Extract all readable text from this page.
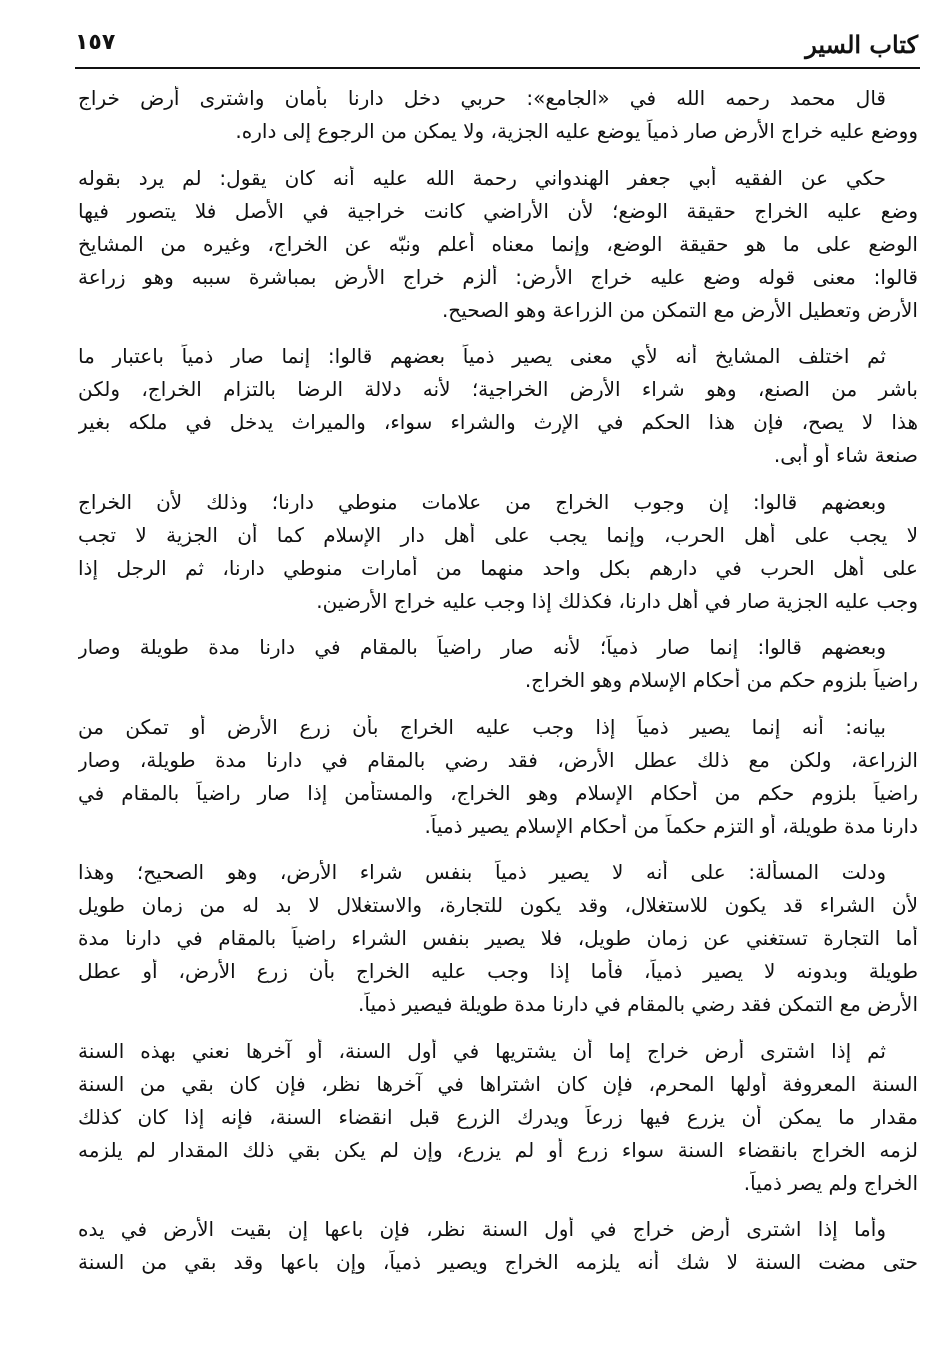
كتاب السير
١٥٧
قال محمد رحمه الله في «الجامع»: حربي دخل دارنا بأمان واشترى أرض خراج
ووضع عليه خراج الأرض صار ذمياً يوضع عليه الجزية، ولا يمكن من الرجوع إلى داره.
حكي عن الفقيه أبي جعفر الهندواني رحمة الله عليه أنه كان يقول: لم يرد بقوله
وضع عليه الخراج حقيقة الوضع؛ لأن الأراضي كانت خراجية في الأصل فلا يتصور فيها
الوضع على ما هو حقيقة الوضع، وإنما معناه أعلم ونبّه عن الخراج، وغيره من المشايخ
قالوا: معنى قوله وضع عليه خراج الأرض: ألزم خراج الأرض بمباشرة سببه وهو زراعة
الأرض وتعطيل الأرض مع التمكن من الزراعة وهو الصحيح.
ثم اختلف المشايخ أنه لأي معنى يصير ذمياً بعضهم قالوا: إنما صار ذمياً باعتبار ما
باشر من الصنع، وهو شراء الأرض الخراجية؛ لأنه دلالة الرضا بالتزام الخراج، ولكن
هذا لا يصح، فإن هذا الحكم في الإرث والشراء سواء، والميراث يدخل في ملكه بغير
صنعة شاء أو أبى.
وبعضهم قالوا: إن وجوب الخراج من علامات منوطي دارنا؛ وذلك لأن الخراج
لا يجب على أهل الحرب، وإنما يجب على أهل دار الإسلام كما أن الجزية لا تجب
على أهل الحرب في دارهم بكل واحد منهما من أمارات منوطي دارنا، ثم الرجل إذا
وجب عليه الجزية صار في أهل دارنا، فكذلك إذا وجب عليه خراج الأرضين.
وبعضهم قالوا: إنما صار ذمياً؛ لأنه صار راضياً بالمقام في دارنا مدة طويلة وصار
راضياً بلزوم حكم من أحكام الإسلام وهو الخراج.
بيانه: أنه إنما يصير ذمياً إذا وجب عليه الخراج بأن زرع الأرض أو تمكن من
الزراعة، ولكن مع ذلك عطل الأرض، فقد رضي بالمقام في دارنا مدة طويلة، وصار
راضياً بلزوم حكم من أحكام الإسلام وهو الخراج، والمستأمن إذا صار راضياً بالمقام في
دارنا مدة طويلة، أو التزم حكماً من أحكام الإسلام يصير ذمياً.
ودلت المسألة: على أنه لا يصير ذمياً بنفس شراء الأرض، وهو الصحيح؛ وهذا
لأن الشراء قد يكون للاستغلال، وقد يكون للتجارة، والاستغلال لا بد له من زمان طويل
أما التجارة تستغني عن زمان طويل، فلا يصير بنفس الشراء راضياً بالمقام في دارنا مدة
طويلة وبدونه لا يصير ذمياً، فأما إذا وجب عليه الخراج بأن زرع الأرض، أو عطل
الأرض مع التمكن فقد رضي بالمقام في دارنا مدة طويلة فيصير ذمياً.
ثم إذا اشترى أرض خراج إما أن يشتريها في أول السنة، أو آخرها نعني بهذه السنة
السنة المعروفة أولها المحرم، فإن كان اشتراها في آخرها نظر، فإن كان بقي من السنة
مقدار ما يمكن أن يزرع فيها زرعاً ويدرك الزرع قبل انقضاء السنة، فإنه إذا كان كذلك
لزمه الخراج بانقضاء السنة سواء زرع أو لم يزرع، وإن لم يكن بقي ذلك المقدار لم يلزمه
الخراج ولم يصر ذمياً.
وأما إذا اشترى أرض خراج في أول السنة نظر، فإن باعها إن بقيت الأرض في يده
حتى مضت السنة لا شك أنه يلزمه الخراج ويصير ذمياً، وإن باعها وقد بقي من السنة
